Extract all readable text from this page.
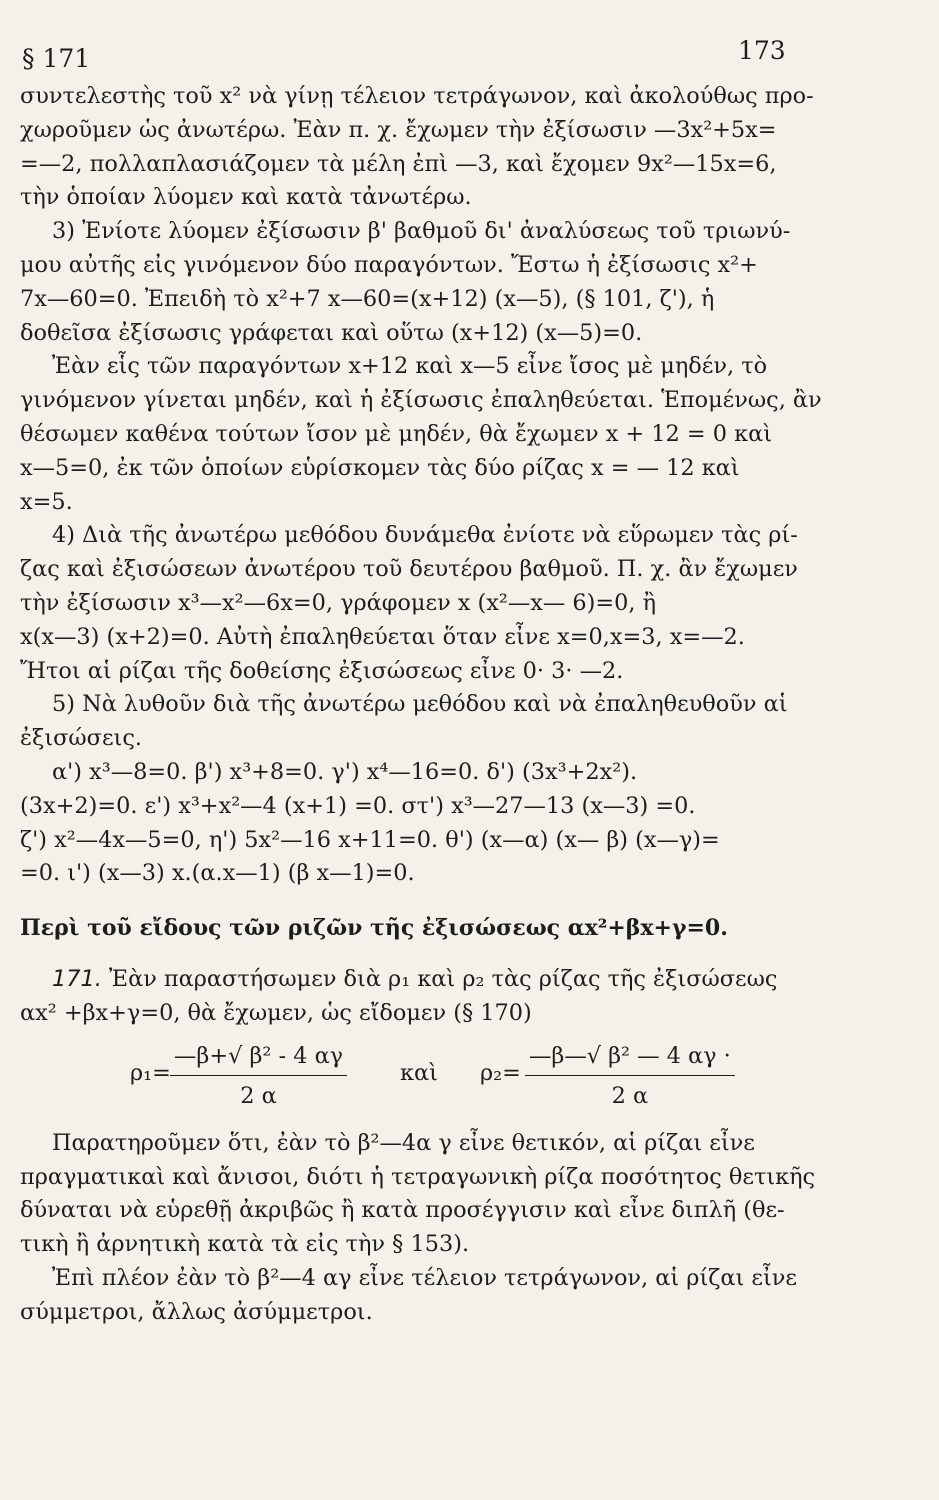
§ 171	173
συντελεστὴς τοῦ x² νὰ γίνῃ τέλειον τετράγωνον, καὶ ἀκολούθως προ-
χωροῦμεν ὡς ἀνωτέρω. Ἐὰν π. χ. ἔχωμεν τὴν ἐξίσωσιν —3x²+5x=
=—2, πολλαπλασιάζομεν τὰ μέλη ἐπὶ —3, καὶ ἔχομεν 9x²—15x=6,
τὴν ὁποίαν λύομεν καὶ κατὰ τἀνωτέρω.
3) Ἐνίοτε λύομεν ἐξίσωσιν β' βαθμοῦ δι' ἀναλύσεως τοῦ τριωνύ-
μου αὐτῆς εἰς γινόμενον δύο παραγόντων. Ἔστω ἡ ἐξίσωσις x²+
7x—60=0. Ἐπειδὴ τὸ x²+7 x—60=(x+12) (x—5), (§ 101, ζ'), ἡ
δοθεῖσα ἐξίσωσις γράφεται καὶ οὕτω (x+12) (x—5)=0.
Ἐὰν εἷς τῶν παραγόντων x+12 καὶ x—5 εἶνε ἴσος μὲ μηδέν, τὸ
γινόμενον γίνεται μηδέν, καὶ ἡ ἐξίσωσις ἐπαληθεύεται. Ἑπομένως, ἂν
θέσωμεν καθένα τούτων ἴσον μὲ μηδέν, θὰ ἔχωμεν x + 12 = 0 καὶ
x—5=0, ἐκ τῶν ὁποίων εὑρίσκομεν τὰς δύο ρίζας x = — 12 καὶ
x=5.
4) Διὰ τῆς ἀνωτέρω μεθόδου δυνάμεθα ἐνίοτε νὰ εὕρωμεν τὰς ρί-
ζας καὶ ἐξισώσεων ἀνωτέρου τοῦ δευτέρου βαθμοῦ. Π. χ. ἂν ἔχωμεν
τὴν ἐξίσωσιν x³—x²—6x=0, γράφομεν x (x²—x— 6)=0, ἢ
x(x—3) (x+2)=0. Αὐτὴ ἐπαληθεύεται ὅταν εἶνε x=0,x=3, x=—2.
Ἤτοι αἱ ρίζαι τῆς δοθείσης ἐξισώσεως εἶνε 0· 3· —2.
5) Νὰ λυθοῦν διὰ τῆς ἀνωτέρω μεθόδου καὶ νὰ ἐπαληθευθοῦν αἱ
ἐξισώσεις.
α') x³—8=0. β') x³+8=0. γ') x⁴—16=0. δ') (3x³+2x²).
(3x+2)=0. ε') x³+x²—4 (x+1) =0. στ') x³—27—13 (x—3) =0.
ζ') x²—4x—5=0, η') 5x²—16 x+11=0. θ') (x—α) (x— β) (x—γ)=
=0. ι') (x—3) x.(α.x—1) (β x—1)=0.
Περὶ τοῦ εἴδους τῶν ριζῶν τῆς ἐξισώσεως αx²+βx+γ=0.
171. Ἐὰν παραστήσωμεν διὰ ρ₁ καὶ ρ₂ τὰς ρίζας τῆς ἐξισώσεως
αx² +βx+γ=0, θὰ ἔχωμεν, ὡς εἴδομεν (§ 170)
$\rho_1= \frac{\text{—β+√ β² - 4 αγ}}{2 \alpha}$ καὶ $\rho_2= \frac{\text{—β—√ β² — 4 αγ ·}}{2 \alpha}$
Παρατηροῦμεν ὅτι, ἐὰν τὸ β²—4α γ εἶνε θετικόν, αἱ ρίζαι εἶνε
πραγματικαὶ καὶ ἄνισοι, διότι ἡ τετραγωνικὴ ρίζα ποσότητος θετικῆς
δύναται νὰ εὑρεθῇ ἀκριβῶς ἢ κατὰ προσέγγισιν καὶ εἶνε διπλῆ (θε-
τικὴ ἢ ἀρνητικὴ κατὰ τὰ εἰς τὴν § 153).
Ἐπὶ πλέον ἐὰν τὸ β²—4 αγ εἶνε τέλειον τετράγωνον, αἱ ρίζαι εἶνε
σύμμετροι, ἄλλως ἀσύμμετροι.
